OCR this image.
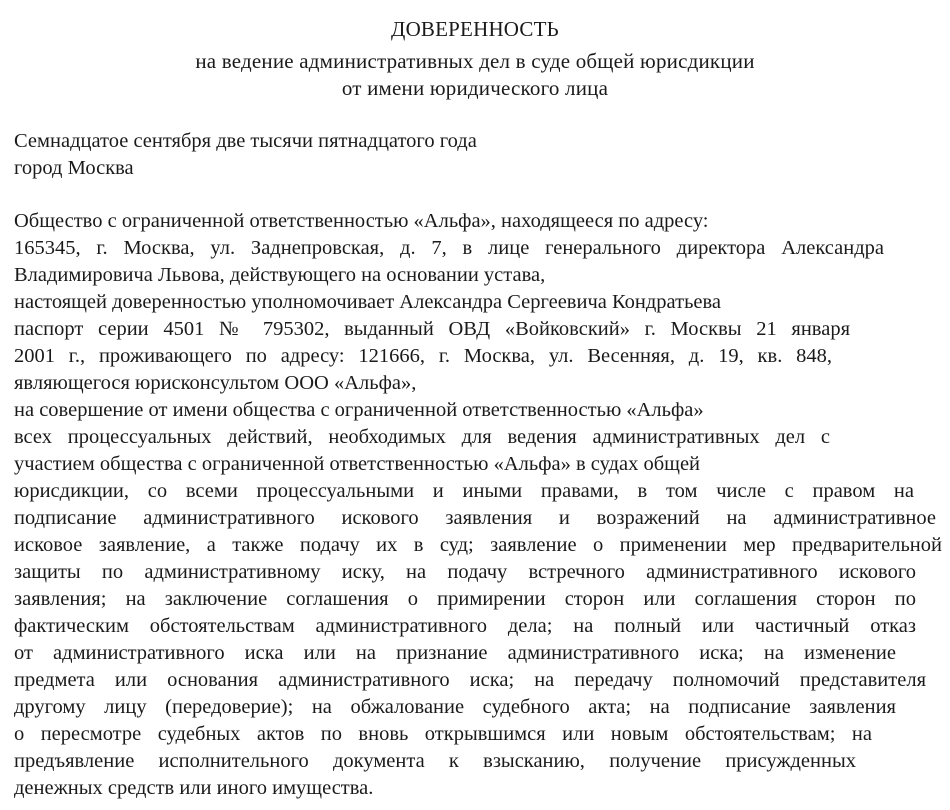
ДОВЕРЕННОСТЬ
на ведение административных дел в суде общей юрисдикции
от имени юридического лица
Семнадцатое сентября две тысячи пятнадцатого года
город Москва
Общество с ограниченной ответственностью «Альфа», находящееся по адресу:
165345, г. Москва, ул. Заднепровская, д. 7, в лице генерального директора Александра
Владимировича Львова, действующего на основании устава,
настоящей доверенностью уполномочивает Александра Сергеевича Кондратьева
паспорт серии 4501 № 795302, выданный ОВД «Войковский» г. Москвы 21 января
2001 г., проживающего по адресу: 121666, г. Москва, ул. Весенняя, д. 19, кв. 848,
являющегося юрисконсультом ООО «Альфа»,
на совершение от имени общества с ограниченной ответственностью «Альфа»
всех процессуальных действий, необходимых для ведения административных дел с
участием общества с ограниченной ответственностью «Альфа» в судах общей
юрисдикции, со всеми процессуальными и иными правами, в том числе с правом на
подписание административного искового заявления и возражений на административное
исковое заявление, а также подачу их в суд; заявление о применении мер предварительной
защиты по административному иску, на подачу встречного административного искового
заявления; на заключение соглашения о примирении сторон или соглашения сторон по
фактическим обстоятельствам административного дела; на полный или частичный отказ
от административного иска или на признание административного иска; на изменение
предмета или основания административного иска; на передачу полномочий представителя
другому лицу (передоверие); на обжалование судебного акта; на подписание заявления
о пересмотре судебных актов по вновь открывшимся или новым обстоятельствам; на
предъявление исполнительного документа к взысканию, получение присужденных
денежных средств или иного имущества.
